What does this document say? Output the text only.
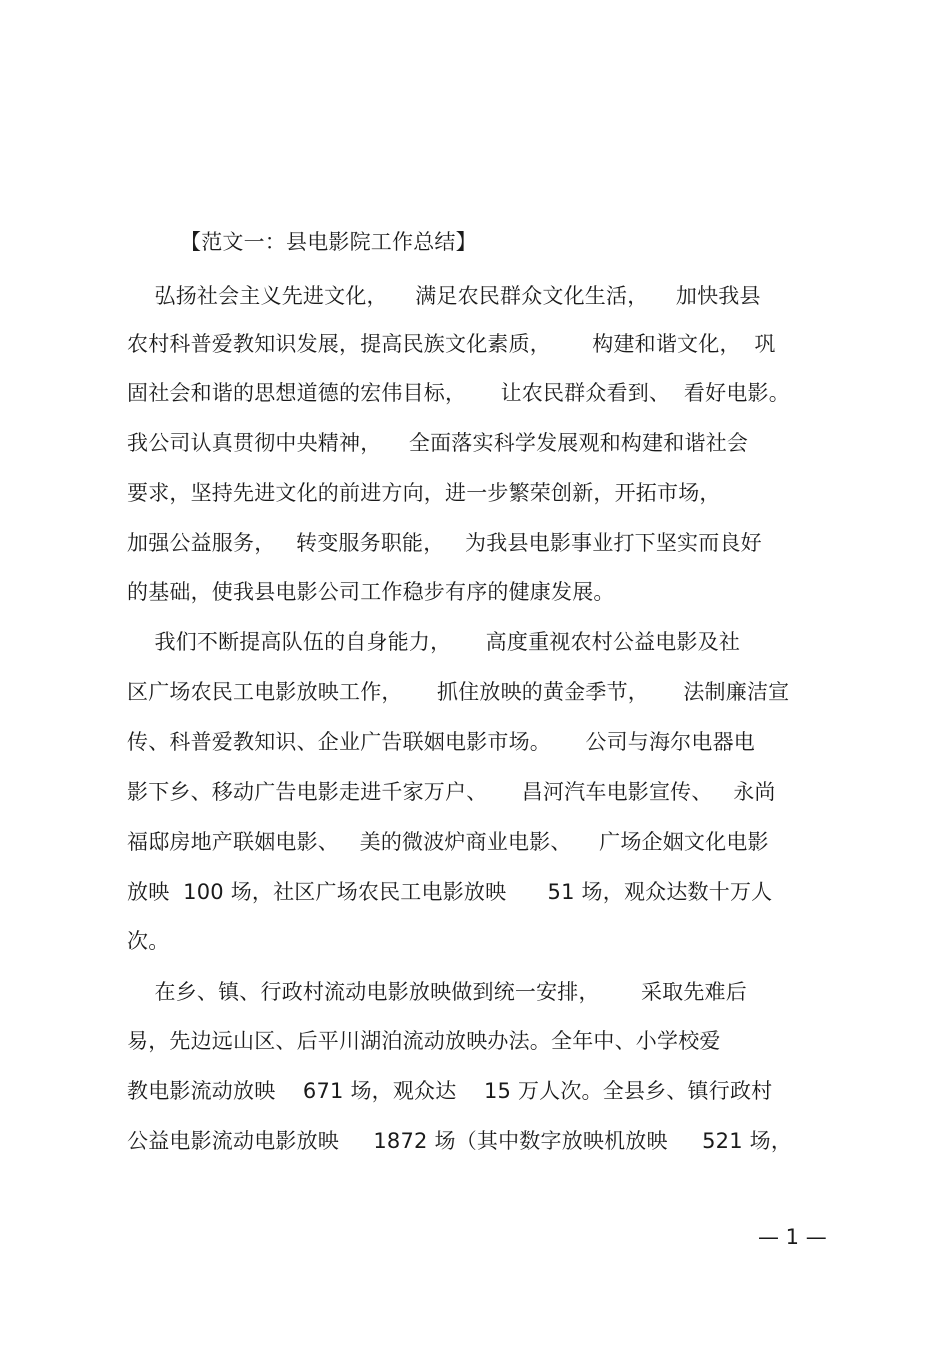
【范文一：县电影院工作总结】
弘扬社会主义先进文化，    满足农民群众文化生活，    加快我县
农村科普爱教知识发展，提高民族文化素质，      构建和谐文化，  巩
固社会和谐的思想道德的宏伟目标，     让农民群众看到、  看好电影。
我公司认真贯彻中央精神，    全面落实科学发展观和构建和谐社会
要求，坚持先进文化的前进方向，进一步繁荣创新，开拓市场，
加强公益服务，   转变服务职能，   为我县电影事业打下坚实而良好
的基础，使我县电影公司工作稳步有序的健康发展。
我们不断提高队伍的自身能力，     高度重视农村公益电影及社
区广场农民工电影放映工作，     抓住放映的黄金季节，     法制廉洁宣
传、科普爱教知识、企业广告联姻电影市场。     公司与海尔电器电
影下乡、移动广告电影走进千家万户、     昌河汽车电影宣传、   永尚
福邸房地产联姻电影、   美的微波炉商业电影、    广场企姻文化电影
放映  100 场，社区广场农民工电影放映      51 场，观众达数十万人
次。
在乡、镇、行政村流动电影放映做到统一安排，      采取先难后
易，先边远山区、后平川湖泊流动放映办法。全年中、小学校爱
教电影流动放映    671 场，观众达    15 万人次。全县乡、镇行政村
公益电影流动电影放映     1872 场（其中数字放映机放映     521 场，
— 1 —
